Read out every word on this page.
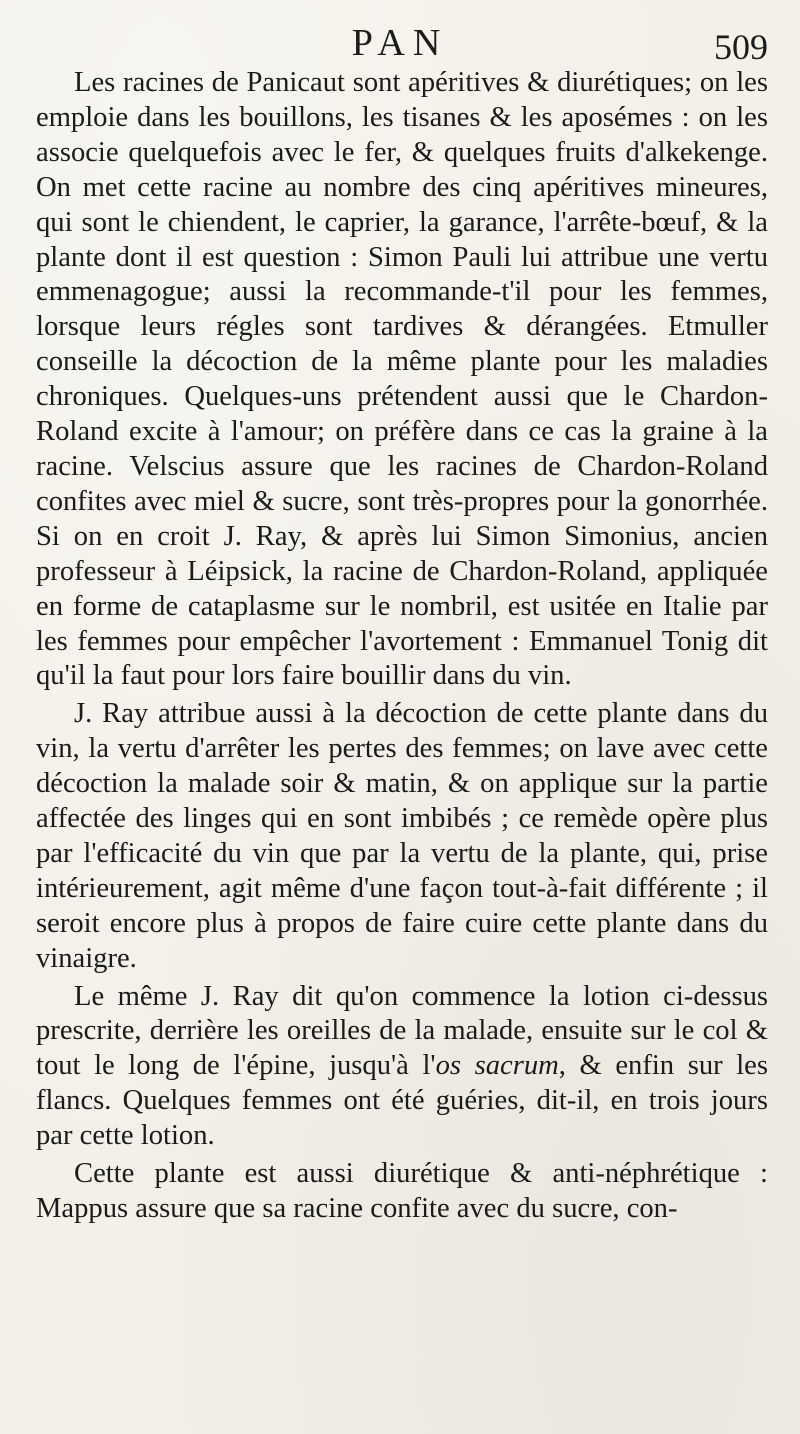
PAN	509

Les racines de Panicaut sont apéritives & diurétiques; on les emploie dans les bouillons, les tisanes & les aposémes : on les associe quelquefois avec le fer, & quelques fruits d'alkekenge. On met cette racine au nombre des cinq apéritives mineures, qui sont le chiendent, le caprier, la garance, l'arrête-bœuf, & la plante dont il est question : Simon Pauli lui attribue une vertu emmenagogue; aussi la recommande-t'il pour les femmes, lorsque leurs régles sont tardives & dérangées. Etmuller conseille la décoction de la même plante pour les maladies chroniques. Quelques-uns prétendent aussi que le Chardon-Roland excite à l'amour; on préfère dans ce cas la graine à la racine. Velscius assure que les racines de Chardon-Roland confites avec miel & sucre, sont très-propres pour la gonorrhée. Si on en croit J. Ray, & après lui Simon Simonius, ancien professeur à Léipsick, la racine de Chardon-Roland, appliquée en forme de cataplasme sur le nombril, est usitée en Italie par les femmes pour empêcher l'avortement : Emmanuel Tonig dit qu'il la faut pour lors faire bouillir dans du vin.

J. Ray attribue aussi à la décoction de cette plante dans du vin, la vertu d'arrêter les pertes des femmes; on lave avec cette décoction la malade soir & matin, & on applique sur la partie affectée des linges qui en sont imbibés ; ce remède opère plus par l'efficacité du vin que par la vertu de la plante, qui, prise intérieurement, agit même d'une façon tout-à-fait différente ; il seroit encore plus à propos de faire cuire cette plante dans du vinaigre.

Le même J. Ray dit qu'on commence la lotion ci-dessus prescrite, derrière les oreilles de la malade, ensuite sur le col & tout le long de l'épine, jusqu'à l'os sacrum, & enfin sur les flancs. Quelques femmes ont été guéries, dit-il, en trois jours par cette lotion.

Cette plante est aussi diurétique & anti-néphrétique : Mappus assure que sa racine confite avec du sucre, con-
